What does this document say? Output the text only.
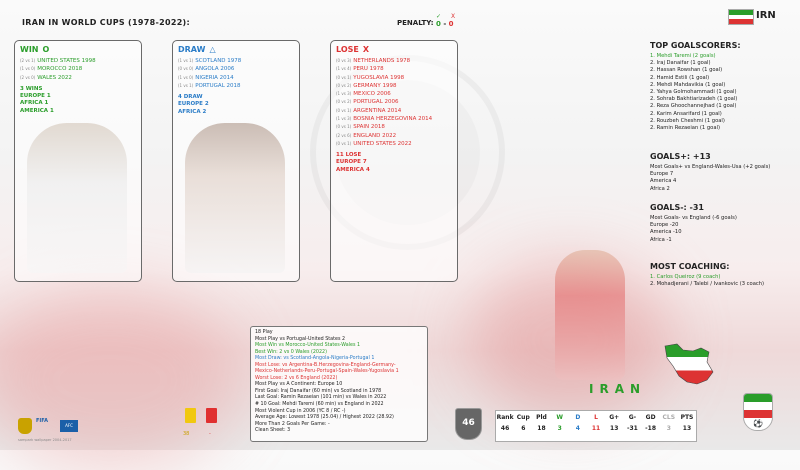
IRAN IN WORLD CUPS (1978-2022):	PENALTY:
✓ X
0 - 0
IRN
WIN O
(2 vs 1) UNITED STATES 1998
(1 vs 0) MOROCCO 2018
(2 vs 0) WALES 2022
3 WINS
EUROPE 1
AFRICA 1
AMERICA 1
DRAW △
(1 vs 1) SCOTLAND 1978
(0 vs 0) ANGOLA 2006
(1 vs 0) NIGERIA 2014
(1 vs 1) PORTUGAL 2018
4 DRAW
EUROPE 2
AFRICA 2
LOSE X
(0 vs 3) NETHERLANDS 1978
(1 vs 4) PERU 1978
(0 vs 1) YUGOSLAVIA 1998
(0 vs 2) GERMANY 1998
(1 vs 3) MEXICO 2006
(0 vs 2) PORTUGAL 2006
(0 vs 1) ARGENTINA 2014
(1 vs 3) BOSNIA HERZEGOVINA 2014
(0 vs 1) SPAIN 2018
(2 vs 6) ENGLAND 2022
(0 vs 1) UNITED STATES 2022
11 LOSE
EUROPE 7
AMERICA 4
TOP GOALSCORERS:
1. Mehdi Taremi (2 goals)
2. Iraj Danaifar (1 goal)
2. Hassan Rowshan (1 goal)
2. Hamid Estili (1 goal)
2. Mehdi Mahdavikia (1 goal)
2. Yahya Golmohammadi (1 goal)
2. Sohrab Bakhtiarizadeh (1 goal)
2. Reza Ghoochannejhad (1 goal)
2. Karim Ansarifard (1 goal)
2. Rouzbeh Cheshmi (1 goal)
2. Ramin Rezaeian (1 goal)
GOALS+: +13
Most Goals+ vs England-Wales-Usa (+2 goals)
Europe 7
America 4
Africa 2
GOALS-: -31
Most Goals- vs England (-6 goals)
Europe -20
America -10
Africa -1
MOST COACHING:
1. Carlos Queiroz (9 coach)
2. Mohadjerani / Talebi / Ivankovic (3 coach)
18 Play
Most Play vs Portugal-United States 2
Most Win vs Morocco-United States-Wales 1
Best Win: 2 vs 0 Wales (2022)
Most Draw: vs Scotland-Angola-Nigeria-Portugal 1
Most Lose: vs Argentina-B.Herzegovina-England-Germany-
Mexico-Netherlands-Peru-Portugal-Spain-Wales-Yugoslavia 1
Worst Lose: 2 vs 6 England (2022)
Most Play vs A Continent: Europe 10
First Goal: Iraj Danaifar (60 min) vs Scotland in 1978
Last Goal: Ramin Rezaeian (101 min) vs Wales in 2022
# 10 Goal: Mehdi Taremi (60 min) vs England in 2022
Most Violent Cup in 2006 (YC 8 / RC -)
Average Age: Lowest 1978 (25.04) / Highest 2022 (28.92)
More Than 2 Goals Per Game: -
Clean Sheet: 3
38	-
FIFA
AFC
sampark wallpaper 2004-2017
46
IRAN
Rank
46
Cup
6
Pld
18
W
3
D
4
L
11
G+
13
G-
-31
GD
-18
CLS
3
PTS
13
⚽
